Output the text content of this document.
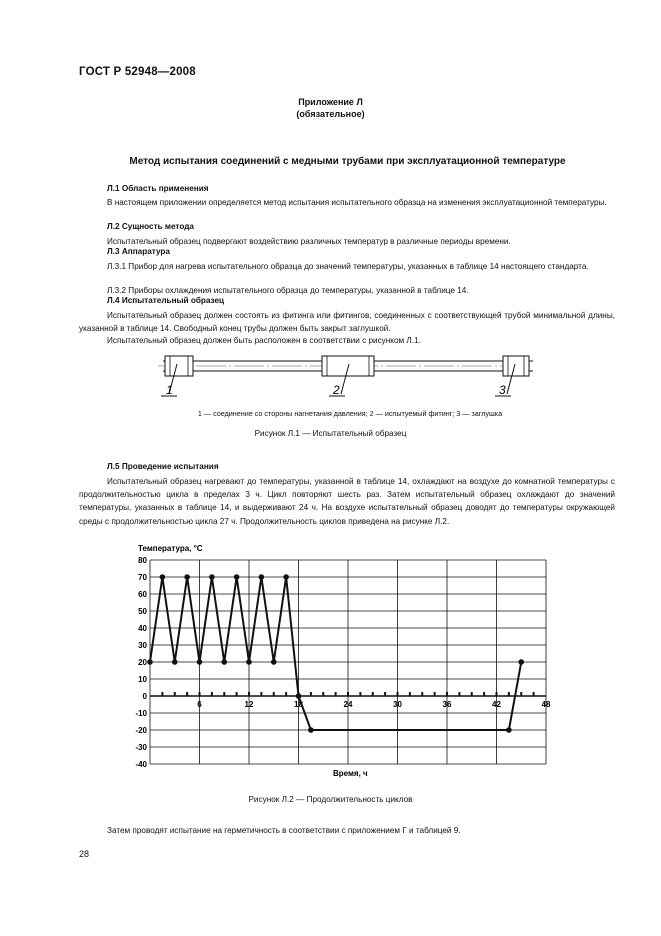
ГОСТ Р 52948—2008
Приложение Л
(обязательное)
Метод испытания соединений с медными трубами при эксплуатационной температуре
Л.1 Область применения
В настоящем приложении определяется метод испытания испытательного образца на изменения эксплуатационной температуры.
Л.2 Сущность метода
Испытательный образец подвергают воздействию различных температур в различные периоды времени.
Л.3 Аппаратура
Л.3.1 Прибор для нагрева испытательного образца до значений температуры, указанных в таблице 14 настоящего стандарта.
Л.3.2 Приборы охлаждения испытательного образца до температуры, указанной в таблице 14.
Л.4 Испытательный образец
Испытательный образец должен состоять из фитинга или фитингов, соединенных с соответствующей трубой минимальной длины, указанной в таблице 14. Свободный конец трубы должен быть закрыт заглушкой.
Испытательный образец должен быть расположен в соответствии с рисунком Л.1.
1	2	3
1 — соединение со стороны нагнетания давления; 2 — испытуемый фитинг; 3 — заглушка
Рисунок Л.1 — Испытательный образец
Л.5 Проведение испытания
Испытательный образец нагревают до температуры, указанной в таблице 14, охлаждают на воздухе до комнатной температуры с продолжительностью цикла в пределах 3 ч. Цикл повторяют шесть раз. Затем испытательный образец охлаждают до значений температуры, указанных в таблице 14, и выдерживают 24 ч. На воздухе испытательный образец доводят до температуры окружающей среды с продолжительностью цикла 27 ч. Продолжительность циклов приведена на рисунке Л.2.
Температура, °С
Время, ч
80
70
60
50
40
30
20
10
0
-10
-20
-30
-40
6	12	18	24	30	36	42	48
Рисунок Л.2 — Продолжительность циклов
Затем проводят испытание на герметичность в соответствии с приложением Г и таблицей 9.
28
